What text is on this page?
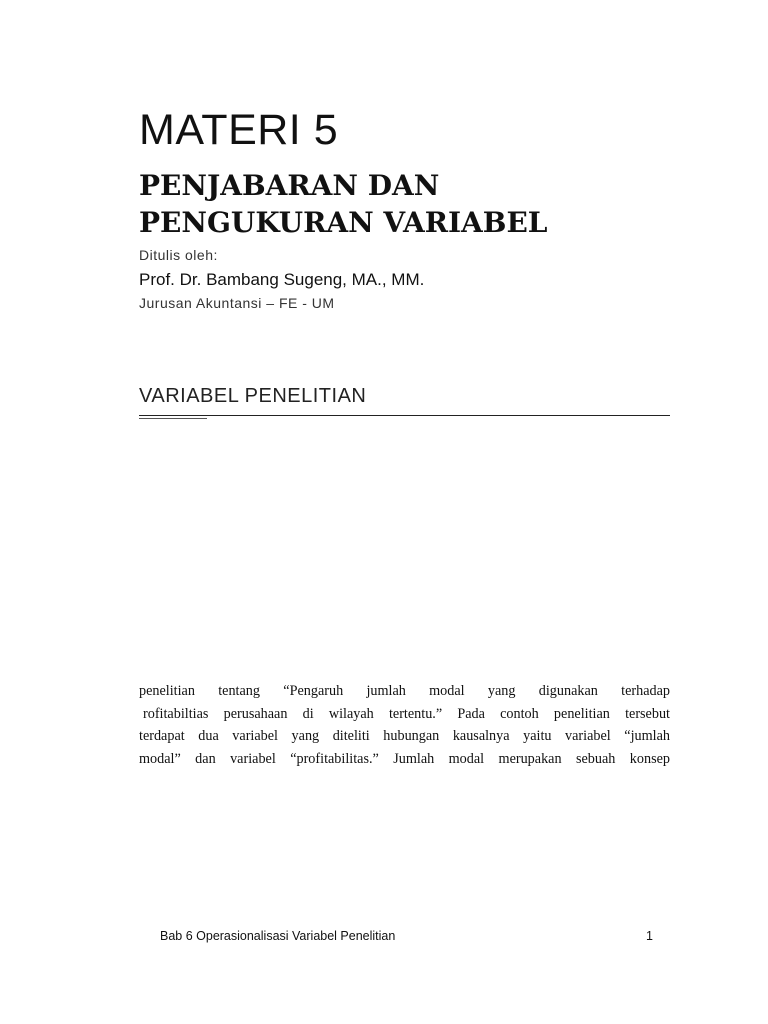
MATERI 5
PENJABARAN DAN PENGUKURAN VARIABEL
Ditulis oleh:
Prof. Dr. Bambang Sugeng, MA., MM.
Jurusan Akuntansi – FE - UM
VARIABEL PENELITIAN
penelitian tentang “Pengaruh jumlah modal yang digunakan terhadap
rofitabiltias perusahaan di wilayah tertentu.” Pada contoh penelitian tersebut
terdapat dua variabel yang diteliti hubungan kausalnya yaitu variabel “jumlah
modal” dan variabel “profitabilitas.” Jumlah modal merupakan sebuah konsep
Bab 6 Operasionalisasi Variabel Penelitian	1
